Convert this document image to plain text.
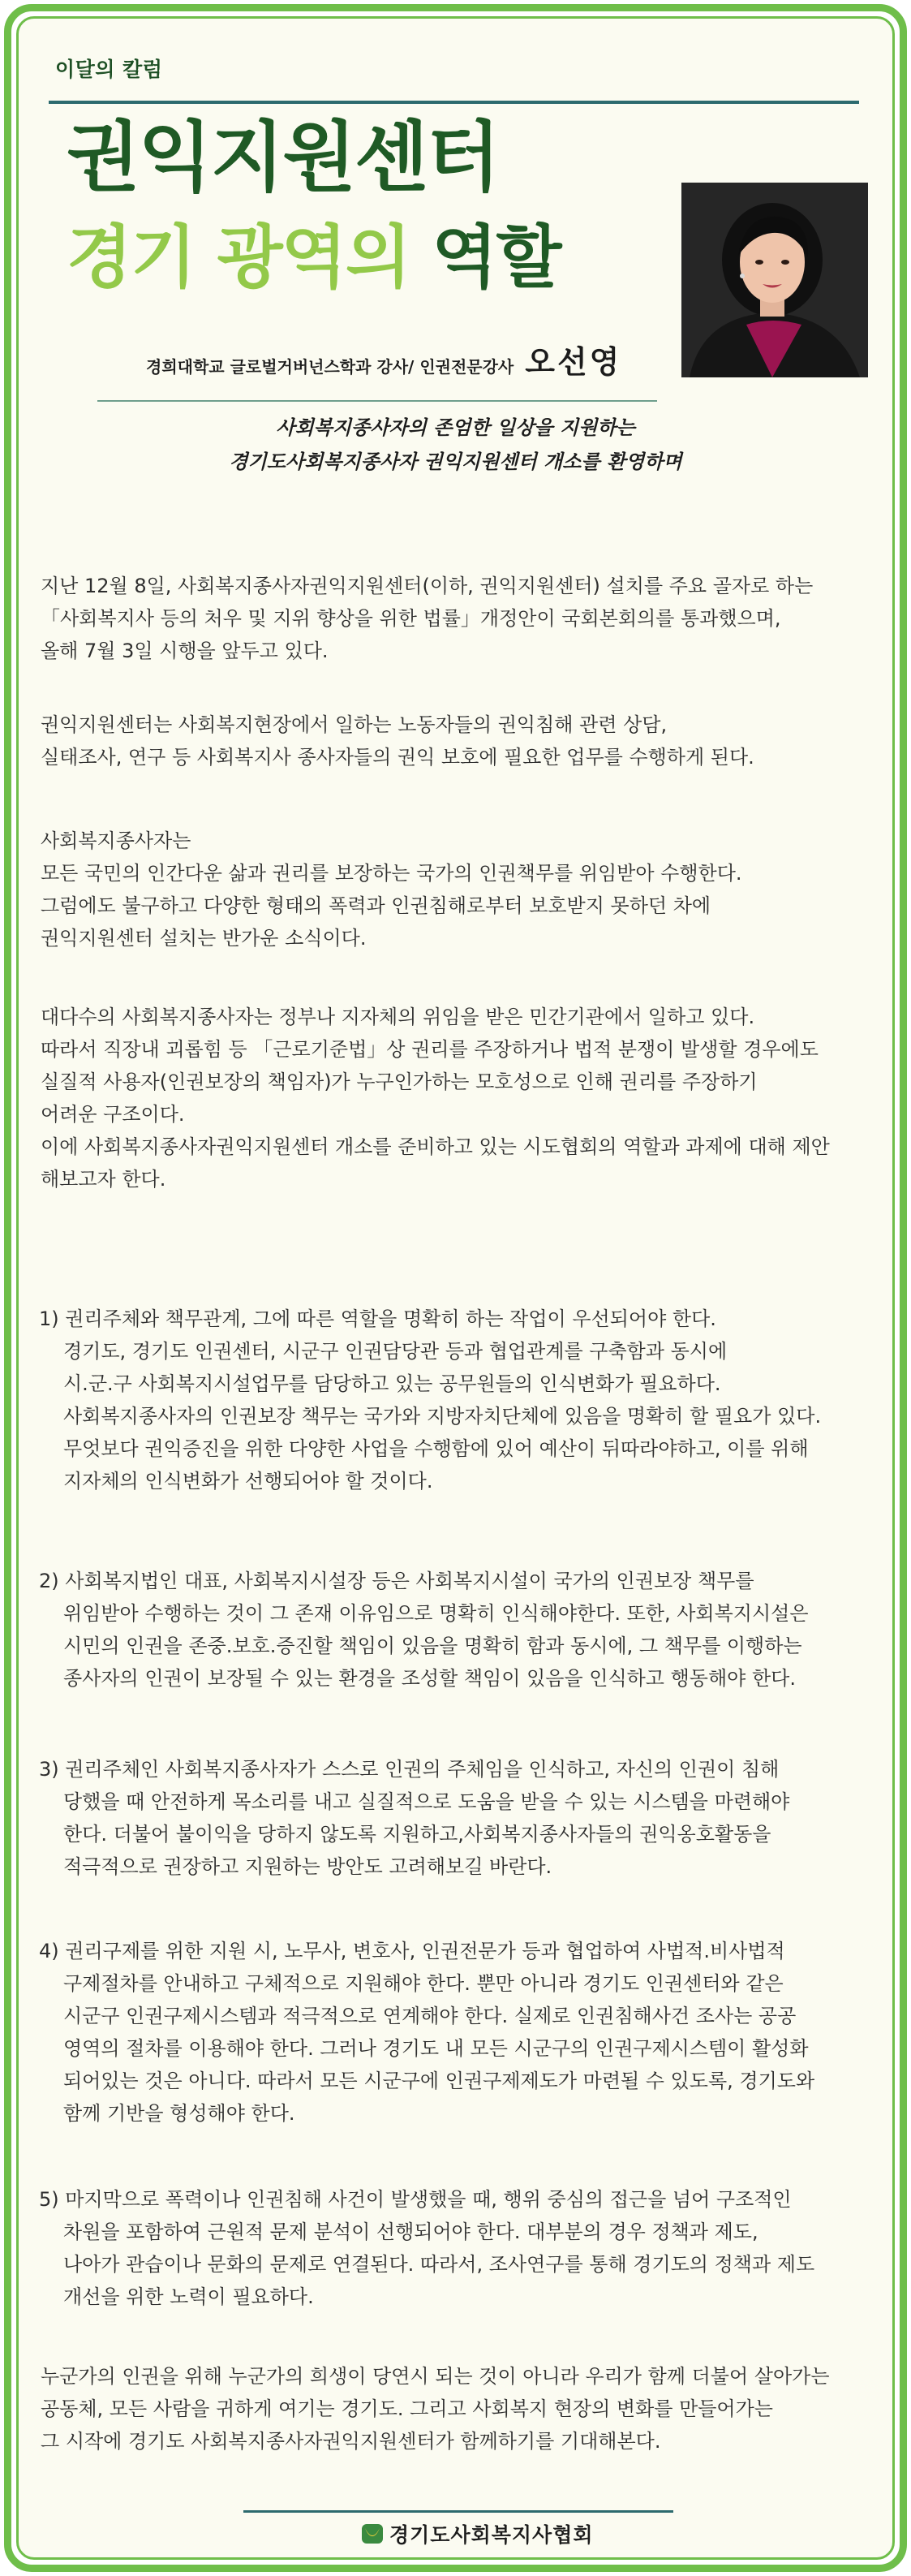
이달의 칼럼
권익지원센터
경기 광역의 역할
경희대학교 글로벌거버넌스학과 강사/ 인권전문강사 오선영
사회복지종사자의 존엄한 일상을 지원하는
경기도사회복지종사자 권익지원센터 개소를 환영하며
지난 12월 8일, 사회복지종사자권익지원센터(이하, 권익지원센터) 설치를 주요 골자로 하는
「사회복지사 등의 처우 및 지위 향상을 위한 법률」개정안이 국회본회의를 통과했으며,
올해 7월 3일 시행을 앞두고 있다.
권익지원센터는 사회복지현장에서 일하는 노동자들의 권익침해 관련 상담,
실태조사, 연구 등 사회복지사 종사자들의 권익 보호에 필요한 업무를 수행하게 된다.
사회복지종사자는
모든 국민의 인간다운 삶과 권리를 보장하는 국가의 인권책무를 위임받아 수행한다.
그럼에도 불구하고 다양한 형태의 폭력과 인권침해로부터 보호받지 못하던 차에
권익지원센터 설치는 반가운 소식이다.
대다수의 사회복지종사자는 정부나 지자체의 위임을 받은 민간기관에서 일하고 있다.
따라서 직장내 괴롭힘 등 「근로기준법」상 권리를 주장하거나 법적 분쟁이 발생할 경우에도
실질적 사용자(인권보장의 책임자)가 누구인가하는 모호성으로 인해 권리를 주장하기
어려운 구조이다.
이에 사회복지종사자권익지원센터 개소를 준비하고 있는 시도협회의 역할과 과제에 대해 제안
해보고자 한다.
1) 권리주체와 책무관계, 그에 따른 역할을 명확히 하는 작업이 우선되어야 한다.
경기도, 경기도 인권센터, 시군구 인권담당관 등과 협업관계를 구축함과 동시에
시.군.구 사회복지시설업무를 담당하고 있는 공무원들의 인식변화가 필요하다.
사회복지종사자의 인권보장 책무는 국가와 지방자치단체에 있음을 명확히 할 필요가 있다.
무엇보다 권익증진을 위한 다양한 사업을 수행함에 있어 예산이 뒤따라야하고, 이를 위해
지자체의 인식변화가 선행되어야 할 것이다.
2) 사회복지법인 대표, 사회복지시설장 등은 사회복지시설이 국가의 인권보장 책무를
위임받아 수행하는 것이 그 존재 이유임으로 명확히 인식해야한다. 또한, 사회복지시설은
시민의 인권을 존중.보호.증진할 책임이 있음을 명확히 함과 동시에, 그 책무를 이행하는
종사자의 인권이 보장될 수 있는 환경을 조성할 책임이 있음을 인식하고 행동해야 한다.
3) 권리주체인 사회복지종사자가 스스로 인권의 주체임을 인식하고, 자신의 인권이 침해
당했을 때 안전하게 목소리를 내고 실질적으로 도움을 받을 수 있는 시스템을 마련해야
한다. 더불어 불이익을 당하지 않도록 지원하고,사회복지종사자들의 권익옹호활동을
적극적으로 권장하고 지원하는 방안도 고려해보길 바란다.
4) 권리구제를 위한 지원 시, 노무사, 변호사, 인권전문가 등과 협업하여 사법적.비사법적
구제절차를 안내하고 구체적으로 지원해야 한다. 뿐만 아니라 경기도 인권센터와 같은
시군구 인권구제시스템과 적극적으로 연계해야 한다. 실제로 인권침해사건 조사는 공공
영역의 절차를 이용해야 한다. 그러나 경기도 내 모든 시군구의 인권구제시스템이 활성화
되어있는 것은 아니다. 따라서 모든 시군구에 인권구제제도가 마련될 수 있도록, 경기도와
함께 기반을 형성해야 한다.
5) 마지막으로 폭력이나 인권침해 사건이 발생했을 때, 행위 중심의 접근을 넘어 구조적인
차원을 포함하여 근원적 문제 분석이 선행되어야 한다. 대부분의 경우 정책과 제도,
나아가 관습이나 문화의 문제로 연결된다. 따라서, 조사연구를 통해 경기도의 정책과 제도
개선을 위한 노력이 필요하다.
누군가의 인권을 위해 누군가의 희생이 당연시 되는 것이 아니라 우리가 함께 더불어 살아가는
공동체, 모든 사람을 귀하게 여기는 경기도. 그리고 사회복지 현장의 변화를 만들어가는
그 시작에 경기도 사회복지종사자권익지원센터가 함께하기를 기대해본다.
경기도사회복지사협회
